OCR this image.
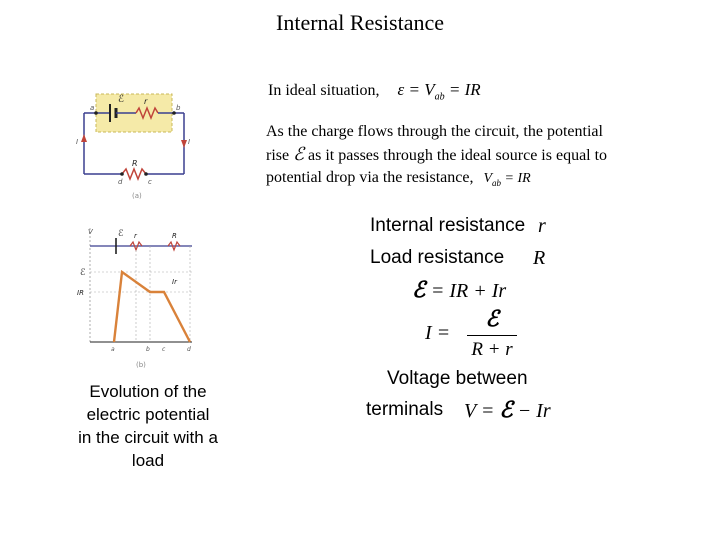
Internal Resistance
In ideal situation, $\varepsilon = V_{ab}$ = IR
As the charge flows through the circuit, the potential
rise ℰ as it passes through the ideal source is equal to
potential drop via the resistance, $V_{ab}$ = IR
Internal resistance r
Load resistance R
ℰ = IR + Ir
I =
ℰ
R + r
Voltage between
terminals V = ℰ − Ir
ℰ r
a	b
I	I
R
d	c
(a)
V	ℰ r	R
ℰ
IR
Ir
a	b c	d
(b)
Evolution of the electric potential in the circuit with a load
